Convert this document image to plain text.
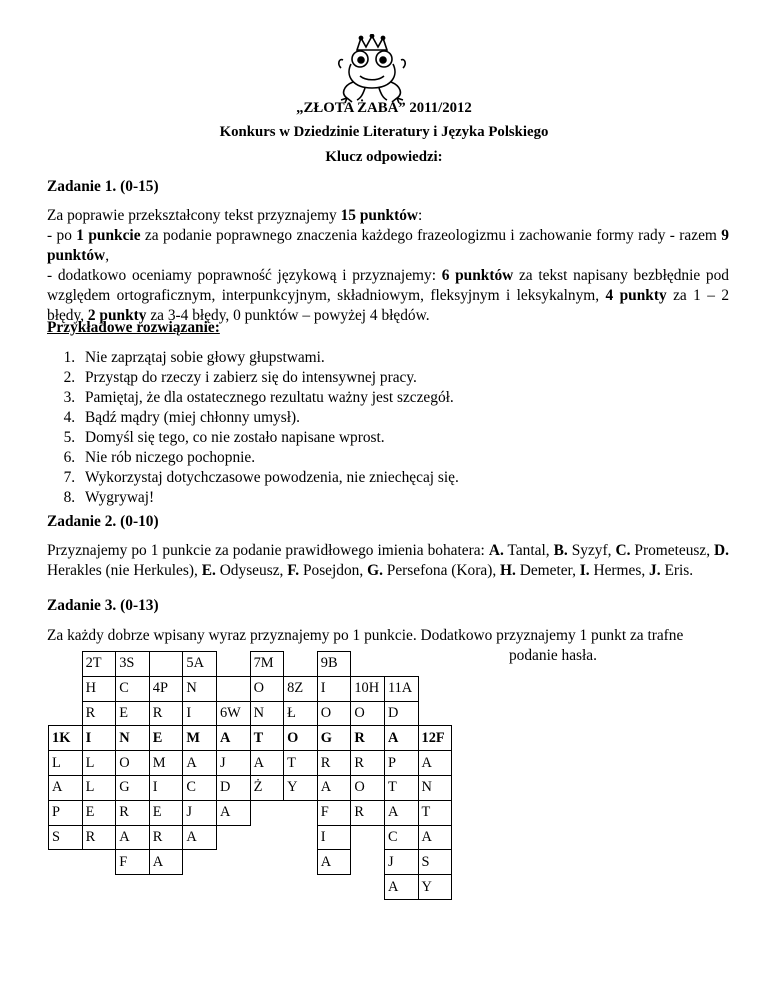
„ZŁOTA ŻABA” 2011/2012
Konkurs w Dziedzinie Literatury i Języka Polskiego
Klucz odpowiedzi:
Zadanie 1. (0-15)
Za poprawie przekształcony tekst przyznajemy 15 punktów:
- po 1 punkcie za podanie poprawnego znaczenia każdego frazeologizmu i zachowanie formy rady - razem 9 punktów,
- dodatkowo oceniamy poprawność językową i przyznajemy: 6 punktów za tekst napisany bezbłędnie pod względem ortograficznym, interpunkcyjnym, składniowym, fleksyjnym i leksykalnym, 4 punkty za 1 – 2 błędy, 2 punkty za 3-4 błędy, 0 punktów – powyżej 4 błędów.
Przykładowe rozwiązanie:
1. Nie zaprzątaj sobie głowy głupstwami.
2. Przystąp do rzeczy i zabierz się do intensywnej pracy.
3. Pamiętaj, że dla ostatecznego rezultatu ważny jest szczegół.
4. Bądź mądry (miej chłonny umysł).
5. Domyśl się tego, co nie zostało napisane wprost.
6. Nie rób niczego pochopnie.
7. Wykorzystaj dotychczasowe powodzenia, nie zniechęcaj się.
8. Wygrywaj!
Zadanie 2. (0-10)
Przyznajemy po 1 punkcie za podanie prawidłowego imienia bohatera: A. Tantal, B. Syzyf, C. Prometeusz, D. Herakles (nie Herkules), E. Odyseusz, F. Posejdon, G. Persefona (Kora), H. Demeter, I. Hermes, J. Eris.
Zadanie 3. (0-13)
Za każdy dobrze wpisany wyraz przyznajemy po 1 punkcie. Dodatkowo przyznajemy 1 punkt za trafne
podanie hasła.
	2T	3S		5A		7M		9B			
	H	C	4P	N		O	8Z	I	10H	11A	
	R	E	R	I	6W	N	Ł	O	O	D	
1K	I	N	E	M	A	T	O	G	R	A	12F
L	L	O	M	A	J	A	T	R	R	P	A
A	L	G	I	C	D	Ż	Y	A	O	T	N
P	E	R	E	J	A			F	R	A	T
S	R	A	R	A				I		C	A
		F	A					A		J	S
										A	Y
